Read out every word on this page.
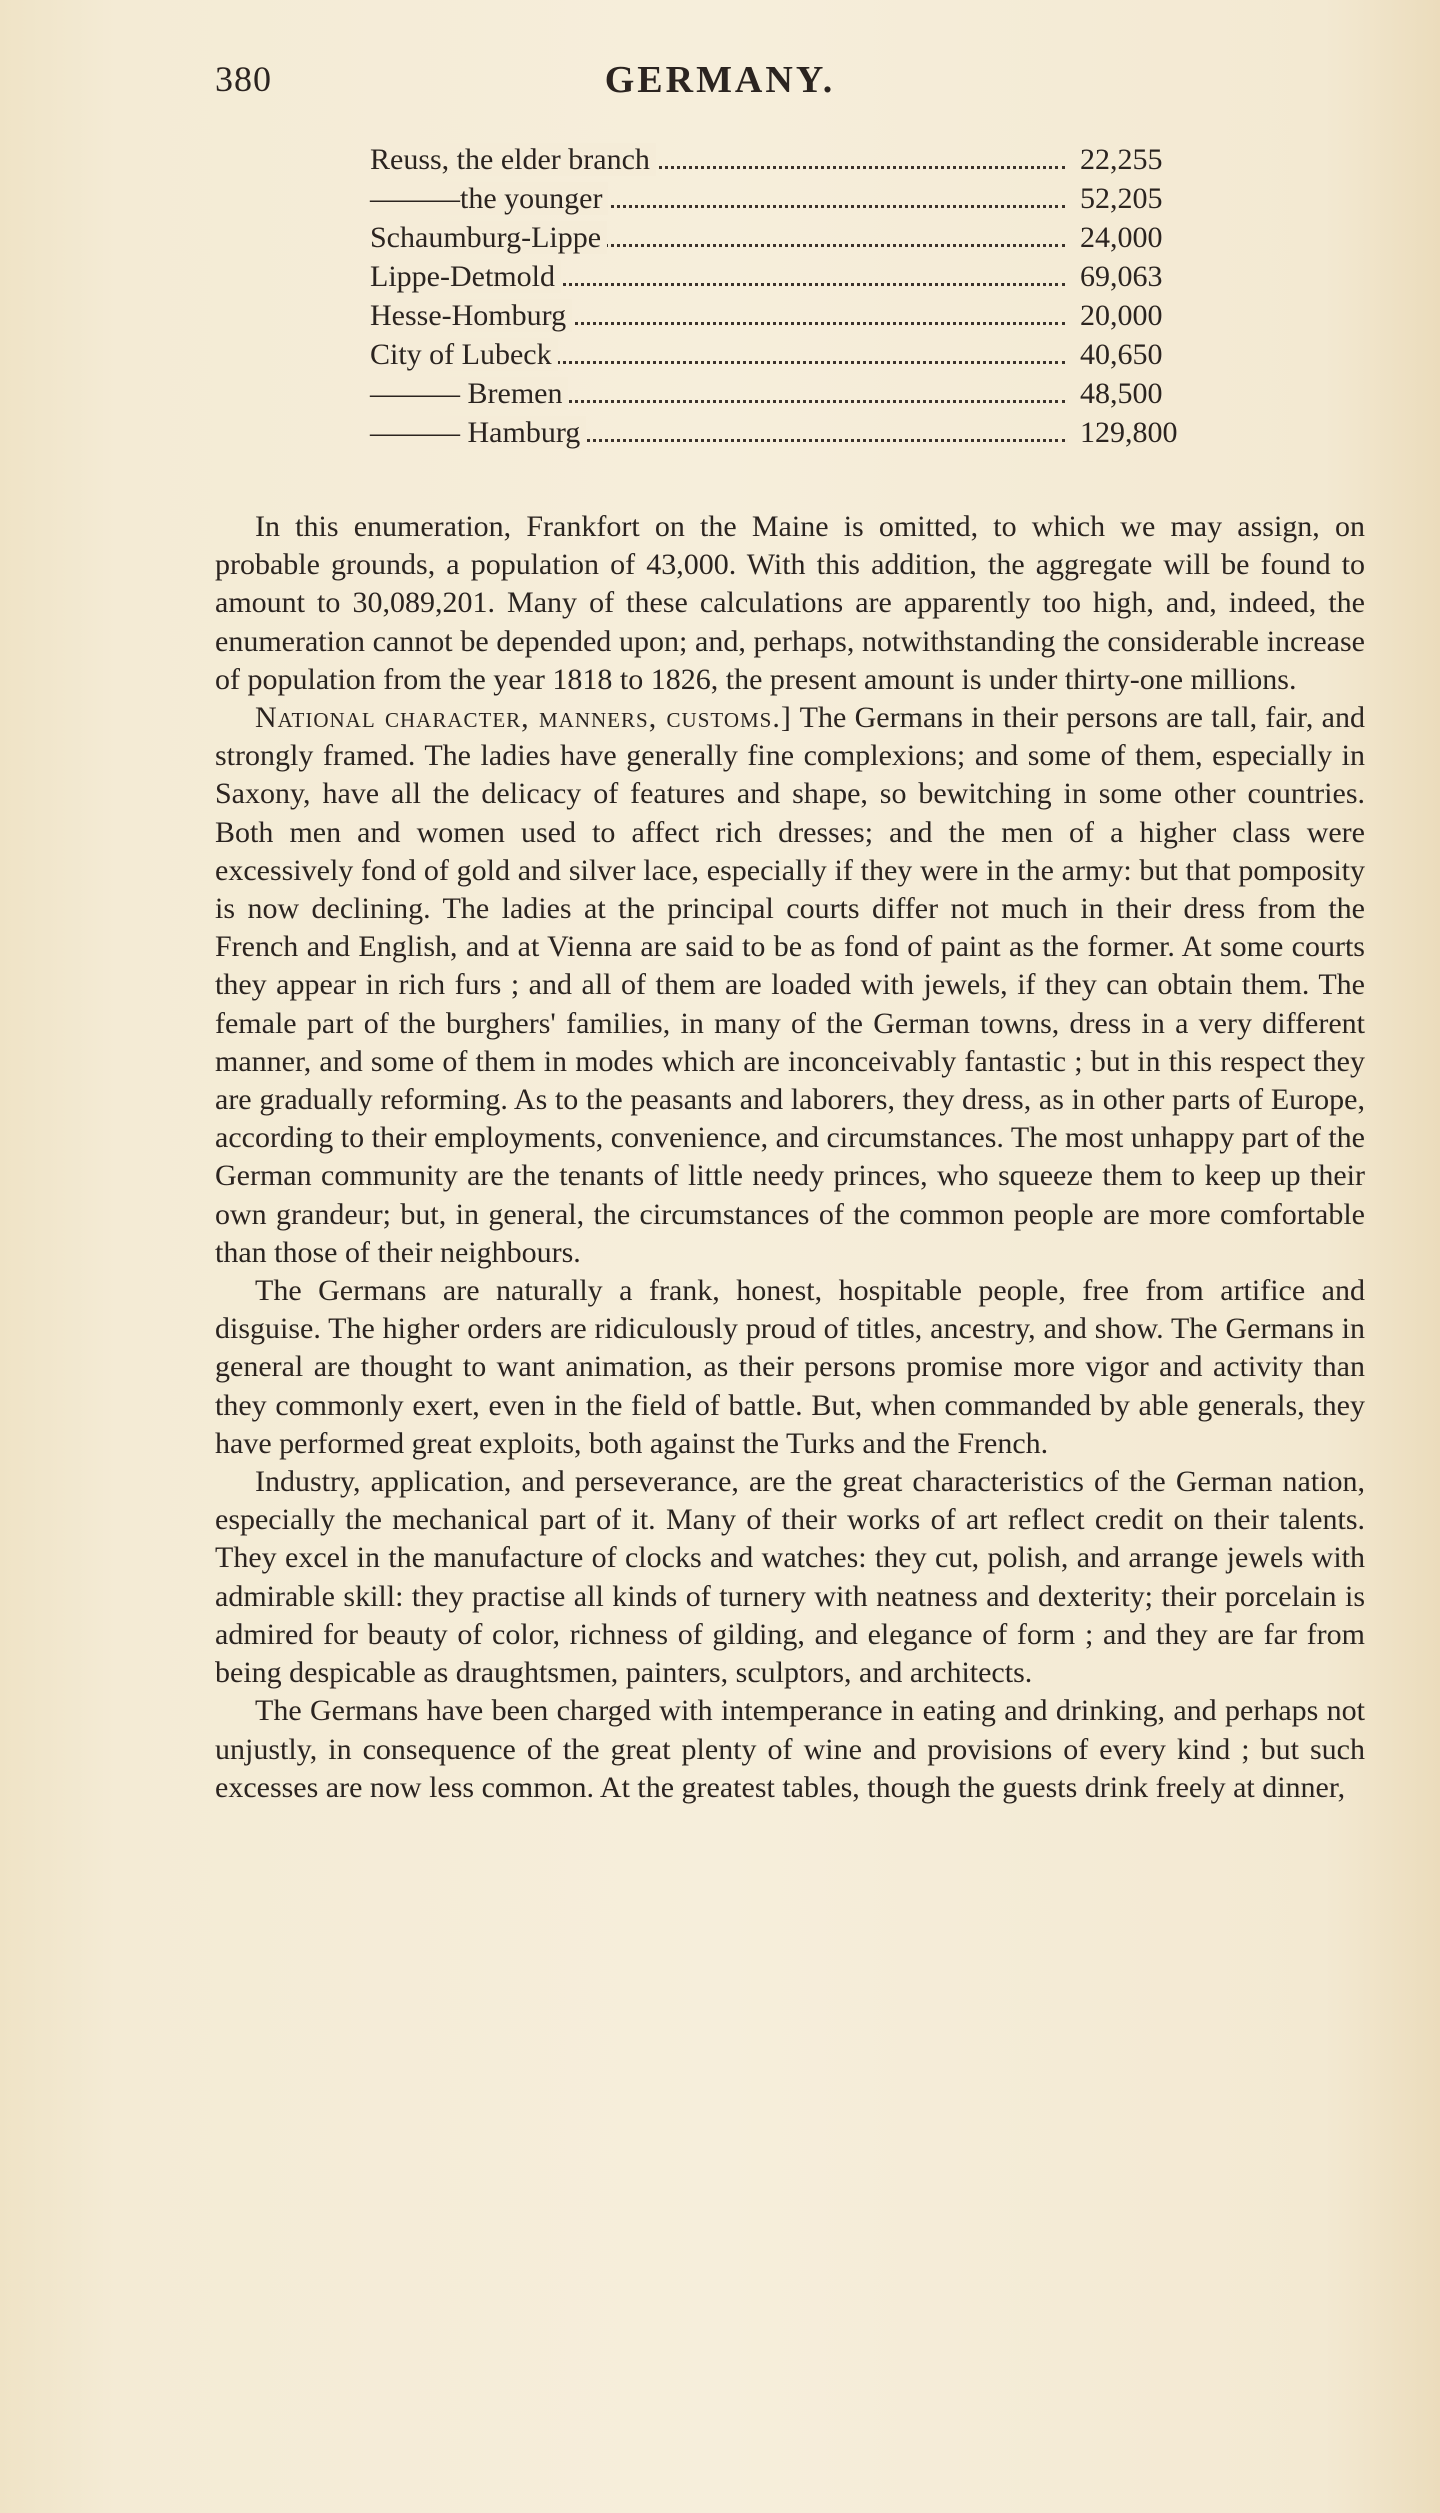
380	GERMANY.
Reuss, the elder branch	22,255
———the younger	52,205
Schaumburg-Lippe	24,000
Lippe-Detmold	69,063
Hesse-Homburg	20,000
City of Lubeck	40,650
——— Bremen	48,500
——— Hamburg	129,800

In this enumeration, Frankfort on the Maine is omitted, to which we may assign, on probable grounds, a population of 43,000. With this addition, the aggregate will be found to amount to 30,089,201. Many of these calculations are apparently too high, and, indeed, the enumeration cannot be depended upon; and, perhaps, notwithstanding the considerable increase of population from the year 1818 to 1826, the present amount is under thirty-one millions.

National character, manners, customs.] The Germans in their persons are tall, fair, and strongly framed. The ladies have generally fine complexions; and some of them, especially in Saxony, have all the delicacy of features and shape, so bewitching in some other countries. Both men and women used to affect rich dresses; and the men of a higher class were excessively fond of gold and silver lace, especially if they were in the army: but that pomposity is now declining. The ladies at the principal courts differ not much in their dress from the French and English, and at Vienna are said to be as fond of paint as the former. At some courts they appear in rich furs ; and all of them are loaded with jewels, if they can obtain them. The female part of the burghers' families, in many of the German towns, dress in a very different manner, and some of them in modes which are inconceivably fantastic ; but in this respect they are gradually reforming. As to the peasants and laborers, they dress, as in other parts of Europe, according to their employments, convenience, and circumstances. The most unhappy part of the German community are the tenants of little needy princes, who squeeze them to keep up their own grandeur; but, in general, the circumstances of the common people are more comfortable than those of their neighbours.

The Germans are naturally a frank, honest, hospitable people, free from artifice and disguise. The higher orders are ridiculously proud of titles, ancestry, and show. The Germans in general are thought to want animation, as their persons promise more vigor and activity than they commonly exert, even in the field of battle. But, when commanded by able generals, they have performed great exploits, both against the Turks and the French.

Industry, application, and perseverance, are the great characteristics of the German nation, especially the mechanical part of it. Many of their works of art reflect credit on their talents. They excel in the manufacture of clocks and watches: they cut, polish, and arrange jewels with admirable skill: they practise all kinds of turnery with neatness and dexterity; their porcelain is admired for beauty of color, richness of gilding, and elegance of form ; and they are far from being despicable as draughtsmen, painters, sculptors, and architects.

The Germans have been charged with intemperance in eating and drinking, and perhaps not unjustly, in consequence of the great plenty of wine and provisions of every kind ; but such excesses are now less common. At the greatest tables, though the guests drink freely at dinner,
